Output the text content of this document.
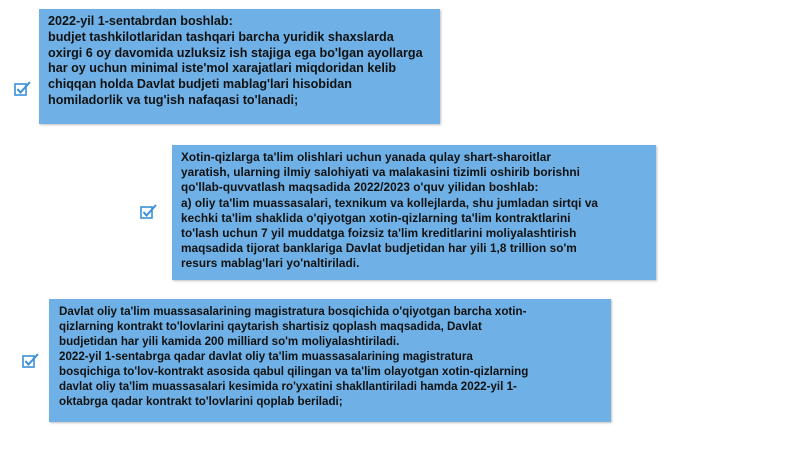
2022-yil 1-sentabrdan boshlab:
budjet tashkilotlaridan tashqari barcha yuridik shaxslarda
oxirgi 6 oy davomida uzluksiz ish stajiga ega bo'lgan ayollarga
har oy uchun minimal iste'mol xarajatlari miqdoridan kelib
chiqqan holda Davlat budjeti mablag'lari hisobidan
homiladorlik va tug'ish nafaqasi to'lanadi;

Xotin-qizlarga ta'lim olishlari uchun yanada qulay shart-sharoitlar
yaratish, ularning ilmiy salohiyati va malakasini tizimli oshirib borishni
qo'llab-quvvatlash maqsadida 2022/2023 o'quv yilidan boshlab:
a) oliy ta'lim muassasalari, texnikum va kollejlarda, shu jumladan sirtqi va
kechki ta'lim shaklida o'qiyotgan xotin-qizlarning ta'lim kontraktlarini
to'lash uchun 7 yil muddatga foizsiz ta'lim kreditlarini moliyalashtirish
maqsadida tijorat banklariga Davlat budjetidan har yili 1,8 trillion so'm
resurs mablag'lari yo'naltiriladi.

Davlat oliy ta'lim muassasalarining magistratura bosqichida o'qiyotgan barcha xotin-
qizlarning kontrakt to'lovlarini qaytarish shartisiz qoplash maqsadida, Davlat
budjetidan har yili kamida 200 milliard so'm moliyalashtiriladi.
2022-yil 1-sentabrga qadar davlat oliy ta'lim muassasalarining magistratura
bosqichiga to'lov-kontrakt asosida qabul qilingan va ta'lim olayotgan xotin-qizlarning
davlat oliy ta'lim muassasalari kesimida ro'yxatini shakllantiriladi hamda 2022-yil 1-
oktabrga qadar kontrakt to'lovlarini qoplab beriladi;
